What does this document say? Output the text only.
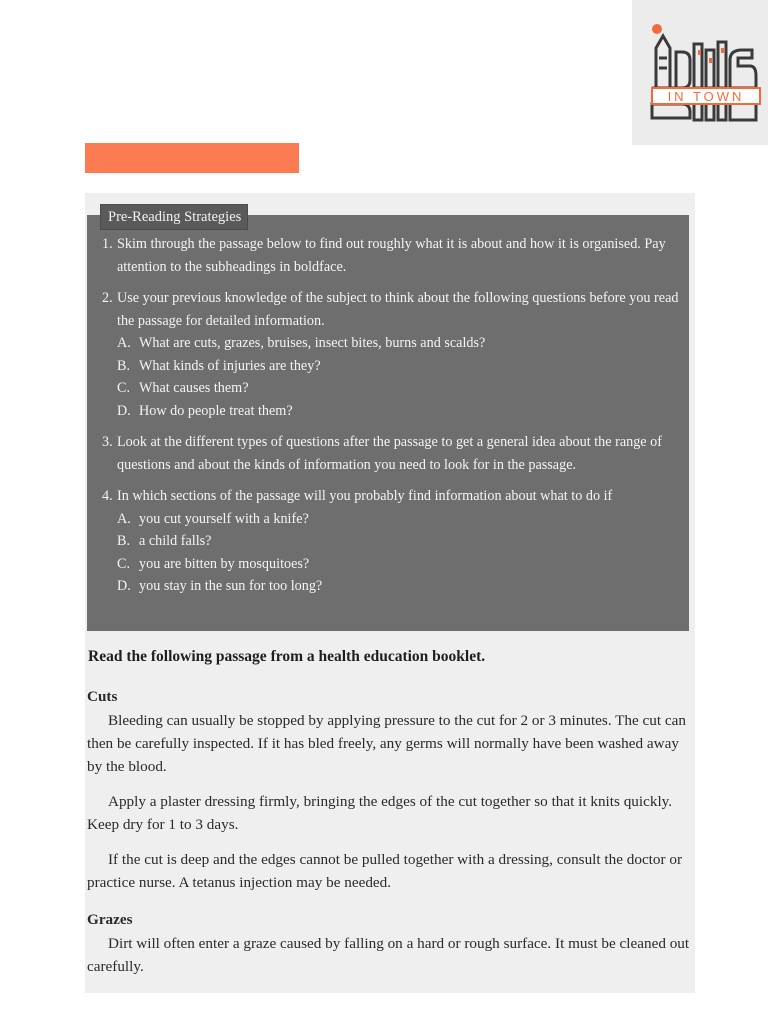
IN TOWN
1. Skim through the passage below to find out roughly what it is about and how it is organised. Pay attention to the subheadings in boldface.
2. Use your previous knowledge of the subject to think about the following questions before you read the passage for detailed information.
A. What are cuts, grazes, bruises, insect bites, burns and scalds?
B. What kinds of injuries are they?
C. What causes them?
D. How do people treat them?
3. Look at the different types of questions after the passage to get a general idea about the range of questions and about the kinds of information you need to look for in the passage.
4. In which sections of the passage will you probably find information about what to do if
A. you cut yourself with a knife?
B. a child falls?
C. you are bitten by mosquitoes?
D. you stay in the sun for too long?
Pre-Reading Strategies
Read the following passage from a health education booklet.
Cuts

Bleeding can usually be stopped by applying pressure to the cut for 2 or 3 minutes. The cut can then be carefully inspected. If it has bled freely, any germs will normally have been washed away by the blood.

Apply a plaster dressing firmly, bringing the edges of the cut together so that it knits quickly. Keep dry for 1 to 3 days.

If the cut is deep and the edges cannot be pulled together with a dressing, consult the doctor or practice nurse. A tetanus injection may be needed.

Grazes

Dirt will often enter a graze caused by falling on a hard or rough surface. It must be cleaned out carefully.
